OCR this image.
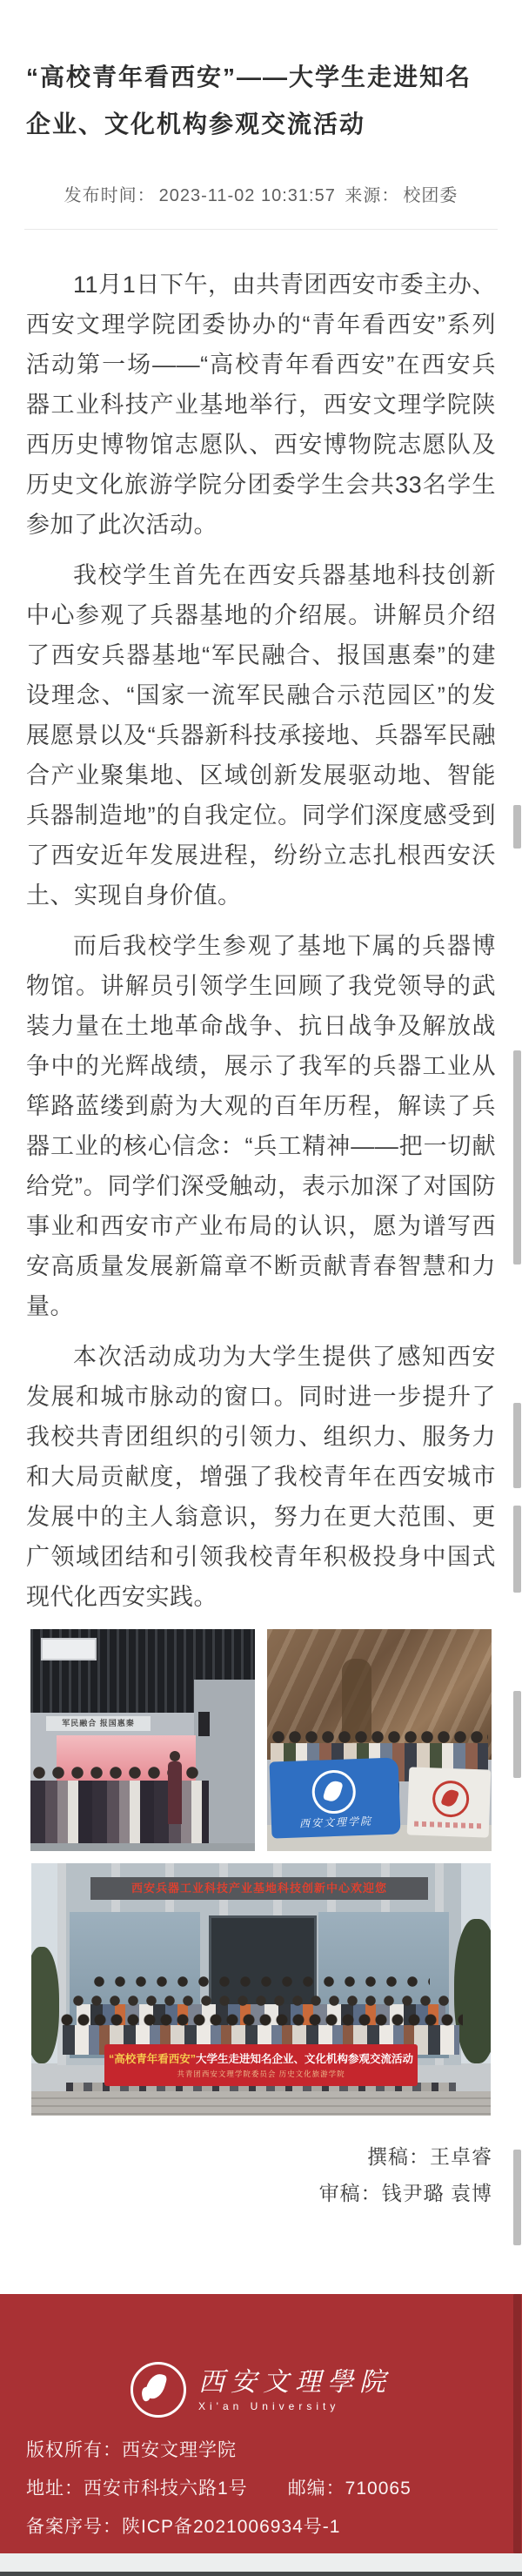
“高校青年看西安”——大学生走进知名企业、文化机构参观交流活动
发布时间： 2023-11-02 10:31:57 来源： 校团委

11月1日下午，由共青团西安市委主办、西安文理学院团委协办的“青年看西安”系列活动第一场——“高校青年看西安”在西安兵器工业科技产业基地举行，西安文理学院陕西历史博物馆志愿队、西安博物院志愿队及历史文化旅游学院分团委学生会共33名学生参加了此次活动。

我校学生首先在西安兵器基地科技创新中心参观了兵器基地的介绍展。讲解员介绍了西安兵器基地“军民融合、报国惠秦”的建设理念、“国家一流军民融合示范园区”的发展愿景以及“兵器新科技承接地、兵器军民融合产业聚集地、区域创新发展驱动地、智能兵器制造地”的自我定位。同学们深度感受到了西安近年发展进程，纷纷立志扎根西安沃土、实现自身价值。

而后我校学生参观了基地下属的兵器博物馆。讲解员引领学生回顾了我党领导的武装力量在土地革命战争、抗日战争及解放战争中的光辉战绩，展示了我军的兵器工业从筚路蓝缕到蔚为大观的百年历程，解读了兵器工业的核心信念：“兵工精神——把一切献给党”。同学们深受触动，表示加深了对国防事业和西安市产业布局的认识，愿为谱写西安高质量发展新篇章不断贡献青春智慧和力量。

本次活动成功为大学生提供了感知西安发展和城市脉动的窗口。同时进一步提升了我校共青团组织的引领力、组织力、服务力和大局贡献度，增强了我校青年在西安城市发展中的主人翁意识，努力在更大范围、更广领域团结和引领我校青年积极投身中国式现代化西安实践。

军民融合 报国惠秦
西安文理学院
西安兵器工业科技产业基地科技创新中心欢迎您
“高校青年看西安”大学生走进知名企业、文化机构参观交流活动
共青团西安文理学院委员会 历史文化旅游学院
撰稿：王卓睿
审稿：钱尹璐 袁博
西安文理學院
Xi'an University
版权所有：西安文理学院
地址：西安市科技六路1号 邮编：710065
备案序号：陕ICP备2021006934号-1
